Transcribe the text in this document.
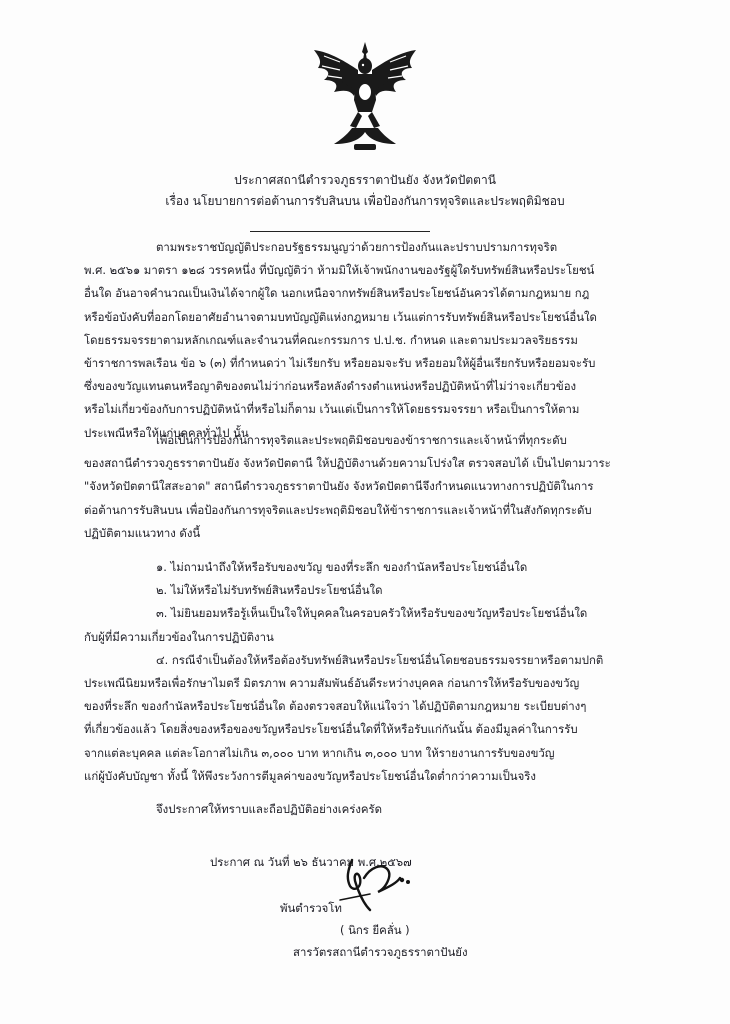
ประกาศสถานีตำรวจภูธรราตาปันยัง จังหวัดปัตตานี
เรื่อง นโยบายการต่อต้านการรับสินบน เพื่อป้องกันการทุจริตและประพฤติมิชอบ
ตามพระราชบัญญัติประกอบรัฐธรรมนูญว่าด้วยการป้องกันและปราบปรามการทุจริต
พ.ศ. ๒๕๖๑ มาตรา ๑๒๘ วรรคหนึ่ง ที่บัญญัติว่า ห้ามมิให้เจ้าพนักงานของรัฐผู้ใดรับทรัพย์สินหรือประโยชน์
อื่นใด อันอาจคำนวณเป็นเงินได้จากผู้ใด นอกเหนือจากทรัพย์สินหรือประโยชน์อันควรได้ตามกฎหมาย กฎ
หรือข้อบังคับที่ออกโดยอาศัยอำนาจตามบทบัญญัติแห่งกฎหมาย เว้นแต่การรับทรัพย์สินหรือประโยชน์อื่นใด
โดยธรรมจรรยาตามหลักเกณฑ์และจำนวนที่คณะกรรมการ ป.ป.ช. กำหนด และตามประมวลจริยธรรม
ข้าราชการพลเรือน ข้อ ๖ (๓) ที่กำหนดว่า ไม่เรียกรับ หรือยอมจะรับ หรือยอมให้ผู้อื่นเรียกรับหรือยอมจะรับ
ซึ่งของขวัญแทนตนหรือญาติของตนไม่ว่าก่อนหรือหลังดำรงตำแหน่งหรือปฏิบัติหน้าที่ไม่ว่าจะเกี่ยวข้อง
หรือไม่เกี่ยวข้องกับการปฏิบัติหน้าที่หรือไม่ก็ตาม เว้นแต่เป็นการให้โดยธรรมจรรยา หรือเป็นการให้ตาม
ประเพณีหรือให้แก่บุคคลทั่วไป นั้น
เพื่อเป็นการป้องกันการทุจริตและประพฤติมิชอบของข้าราชการและเจ้าหน้าที่ทุกระดับ
ของสถานีตำรวจภูธรราตาปันยัง จังหวัดปัตตานี ให้ปฏิบัติงานด้วยความโปร่งใส ตรวจสอบได้ เป็นไปตามวาระ
"จังหวัดปัตตานีใสสะอาด" สถานีตำรวจภูธรราตาปันยัง จังหวัดปัตตานีจึงกำหนดแนวทางการปฏิบัติในการ
ต่อต้านการรับสินบน เพื่อป้องกันการทุจริตและประพฤติมิชอบให้ข้าราชการและเจ้าหน้าที่ในสังกัดทุกระดับ
ปฏิบัติตามแนวทาง ดังนี้
๑. ไม่ถามนำถึงให้หรือรับของขวัญ ของที่ระลึก ของกำนัลหรือประโยชน์อื่นใด
๒. ไม่ให้หรือไม่รับทรัพย์สินหรือประโยชน์อื่นใด
๓. ไม่ยินยอมหรือรู้เห็นเป็นใจให้บุคคลในครอบครัวให้หรือรับของขวัญหรือประโยชน์อื่นใด
กับผู้ที่มีความเกี่ยวข้องในการปฏิบัติงาน
๔. กรณีจำเป็นต้องให้หรือต้องรับทรัพย์สินหรือประโยชน์อื่นโดยชอบธรรมจรรยาหรือตามปกติ
ประเพณีนิยมหรือเพื่อรักษาไมตรี มิตรภาพ ความสัมพันธ์อันดีระหว่างบุคคล ก่อนการให้หรือรับของขวัญ
ของที่ระลึก ของกำนัลหรือประโยชน์อื่นใด ต้องตรวจสอบให้แน่ใจว่า ได้ปฏิบัติตามกฎหมาย ระเบียบต่างๆ
ที่เกี่ยวข้องแล้ว โดยสิ่งของหรือของขวัญหรือประโยชน์อื่นใดที่ให้หรือรับแก่กันนั้น ต้องมีมูลค่าในการรับ
จากแต่ละบุคคล แต่ละโอกาสไม่เกิน ๓,๐๐๐ บาท หากเกิน ๓,๐๐๐ บาท ให้รายงานการรับของขวัญ
แก่ผู้บังคับบัญชา ทั้งนี้ ให้พึงระวังการตีมูลค่าของขวัญหรือประโยชน์อื่นใดต่ำกว่าความเป็นจริง
จึงประกาศให้ทราบและถือปฏิบัติอย่างเคร่งครัด
ประกาศ ณ วันที่ ๒๖ ธันวาคม พ.ศ.๒๕๖๗
พันตำรวจโท
( นิกร ยีคลั่น )
สารวัตรสถานีตำรวจภูธรราตาปันยัง
